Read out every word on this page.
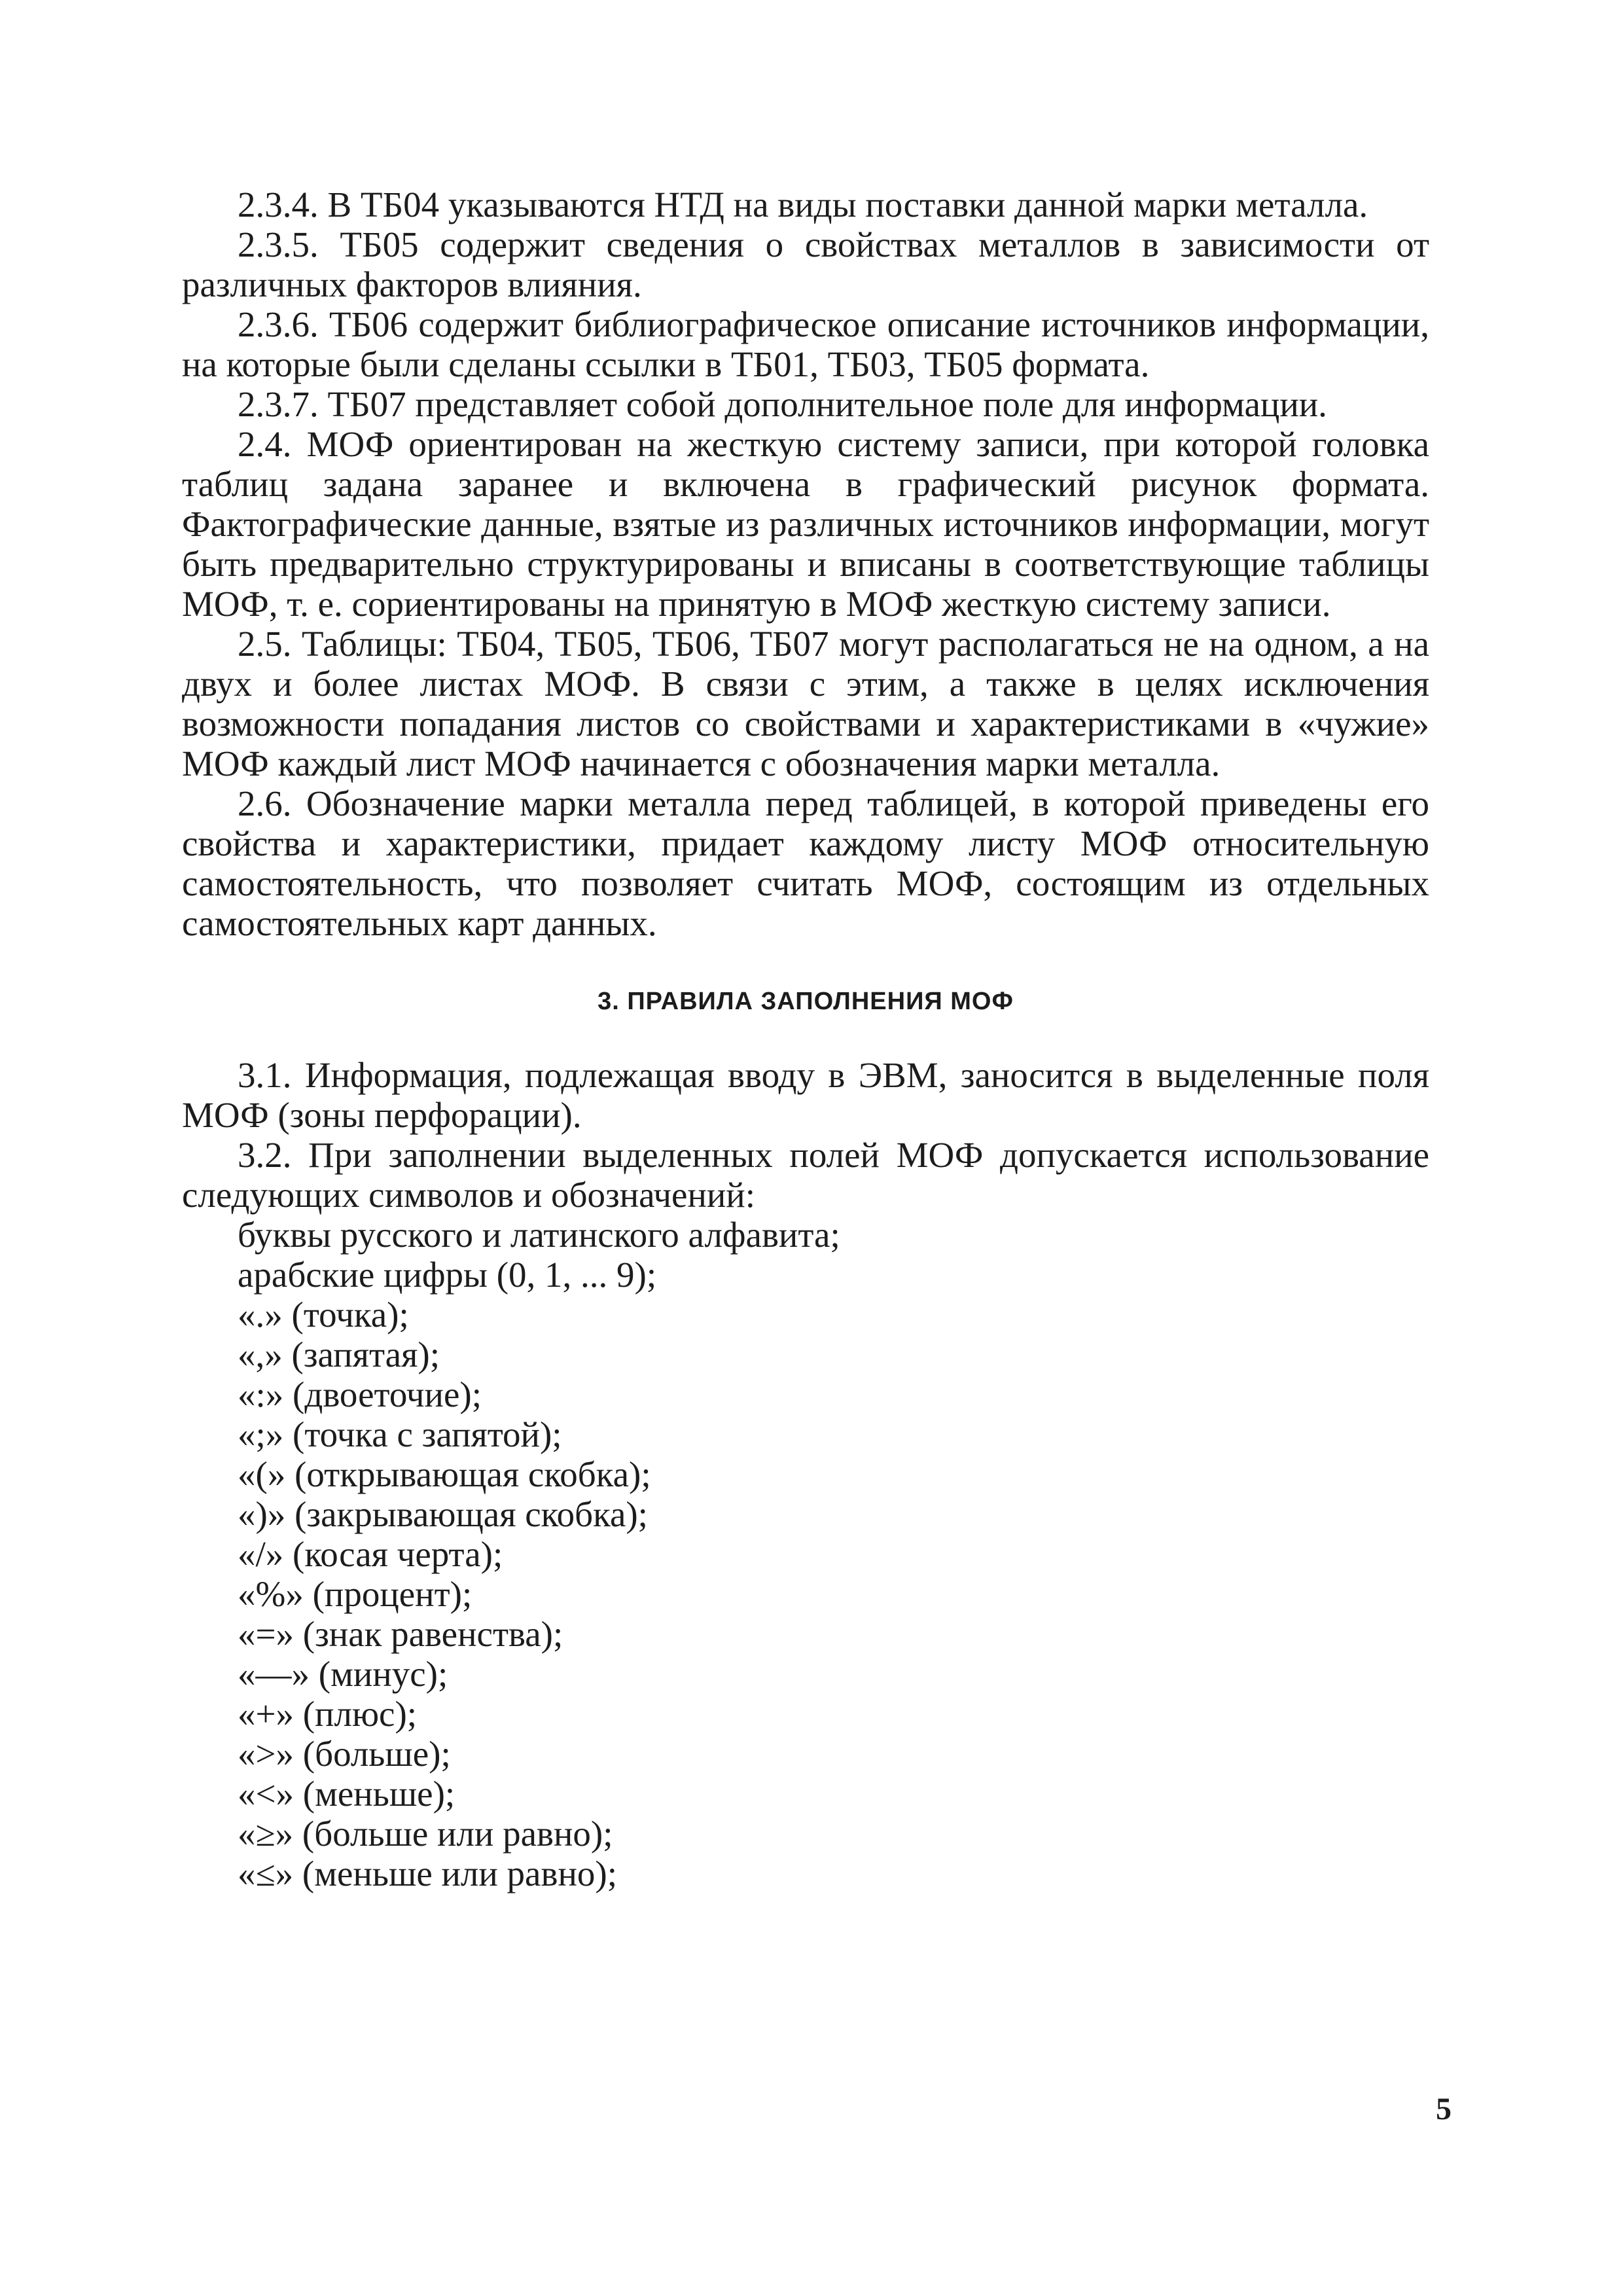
2.3.4. В ТБ04 указываются НТД на виды поставки данной марки металла.

2.3.5. ТБ05 содержит сведения о свойствах металлов в зависимости от различных факторов влияния.

2.3.6. ТБ06 содержит библиографическое описание источников информации, на которые были сделаны ссылки в ТБ01, ТБ03, ТБ05 формата.

2.3.7. ТБ07 представляет собой дополнительное поле для информации.

2.4. МОФ ориентирован на жесткую систему записи, при которой головка таблиц задана заранее и включена в графический рисунок формата. Фактографические данные, взятые из различных источников информации, могут быть предварительно структурированы и вписаны в соответствующие таблицы МОФ, т. е. сориентированы на принятую в МОФ жесткую систему записи.

2.5. Таблицы: ТБ04, ТБ05, ТБ06, ТБ07 могут располагаться не на одном, а на двух и более листах МОФ. В связи с этим, а также в целях исключения возможности попадания листов со свойствами и характеристиками в «чужие» МОФ каждый лист МОФ начинается с обозначения марки металла.

2.6. Обозначение марки металла перед таблицей, в которой приведены его свойства и характеристики, придает каждому листу МОФ относительную самостоятельность, что позволяет считать МОФ, состоящим из отдельных самостоятельных карт данных.

3. ПРАВИЛА ЗАПОЛНЕНИЯ МОФ

3.1. Информация, подлежащая вводу в ЭВМ, заносится в выделенные поля МОФ (зоны перфорации).

3.2. При заполнении выделенных полей МОФ допускается использование следующих символов и обозначений:

буквы русского и латинского алфавита;
арабские цифры (0, 1, ... 9);
«.» (точка);
«,» (запятая);
«:» (двоеточие);
«;» (точка с запятой);
«(» (открывающая скобка);
«)» (закрывающая скобка);
«/» (косая черта);
«%» (процент);
«=» (знак равенства);
«—» (минус);
«+» (плюс);
«>» (больше);
«<» (меньше);
«≥» (больше или равно);
«≤» (меньше или равно);
5
